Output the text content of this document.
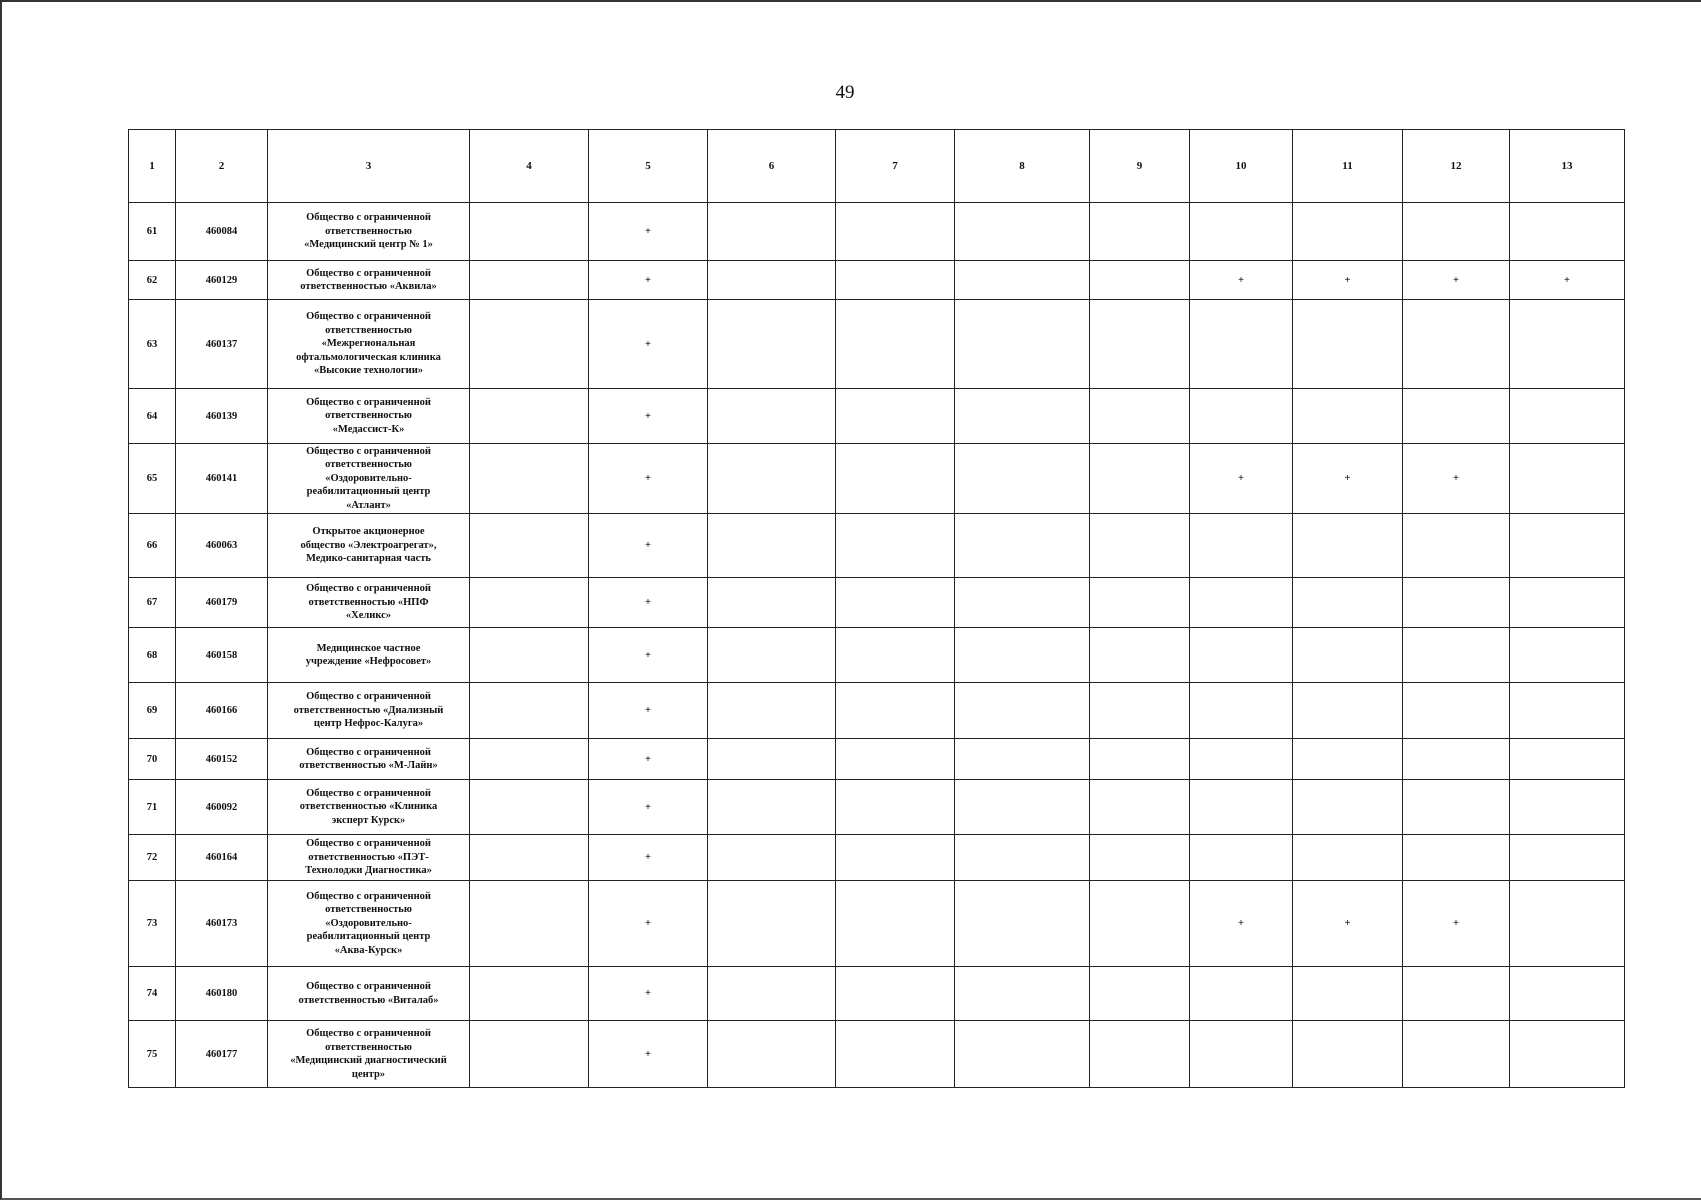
49
1	2	3	4	5	6	7	8	9	10	11	12	13
61	460084	Общество с ограниченной
ответственностью
«Медицинский центр № 1»		+								
62	460129	Общество с ограниченной
ответственностью «Аквила»		+					+	+	+	+
63	460137	Общество с ограниченной
ответственностью
«Межрегиональная
офтальмологическая клиника
«Высокие технологии»		+								
64	460139	Общество с ограниченной
ответственностью
«Медассист-К»		+								
65	460141	Общество с ограниченной
ответственностью
«Оздоровительно-
реабилитационный центр
«Атлант»		+					+	+	+	
66	460063	Открытое акционерное
общество «Электроагрегат»,
Медико-санитарная часть		+								
67	460179	Общество с ограниченной
ответственностью «НПФ
«Хеликс»		+								
68	460158	Медицинское частное
учреждение «Нефросовет»		+								
69	460166	Общество с ограниченной
ответственностью «Диализный
центр Нефрос-Калуга»		+								
70	460152	Общество с ограниченной
ответственностью «М-Лайн»		+								
71	460092	Общество с ограниченной
ответственностью «Клиника
эксперт Курск»		+								
72	460164	Общество с ограниченной
ответственностью «ПЭТ-
Технолоджи Диагностика»		+								
73	460173	Общество с ограниченной
ответственностью
«Оздоровительно-
реабилитационный центр
«Аква-Курск»		+					+	+	+	
74	460180	Общество с ограниченной
ответственностью «Виталаб»		+								
75	460177	Общество с ограниченной
ответственностью
«Медицинский диагностический
центр»		+								
